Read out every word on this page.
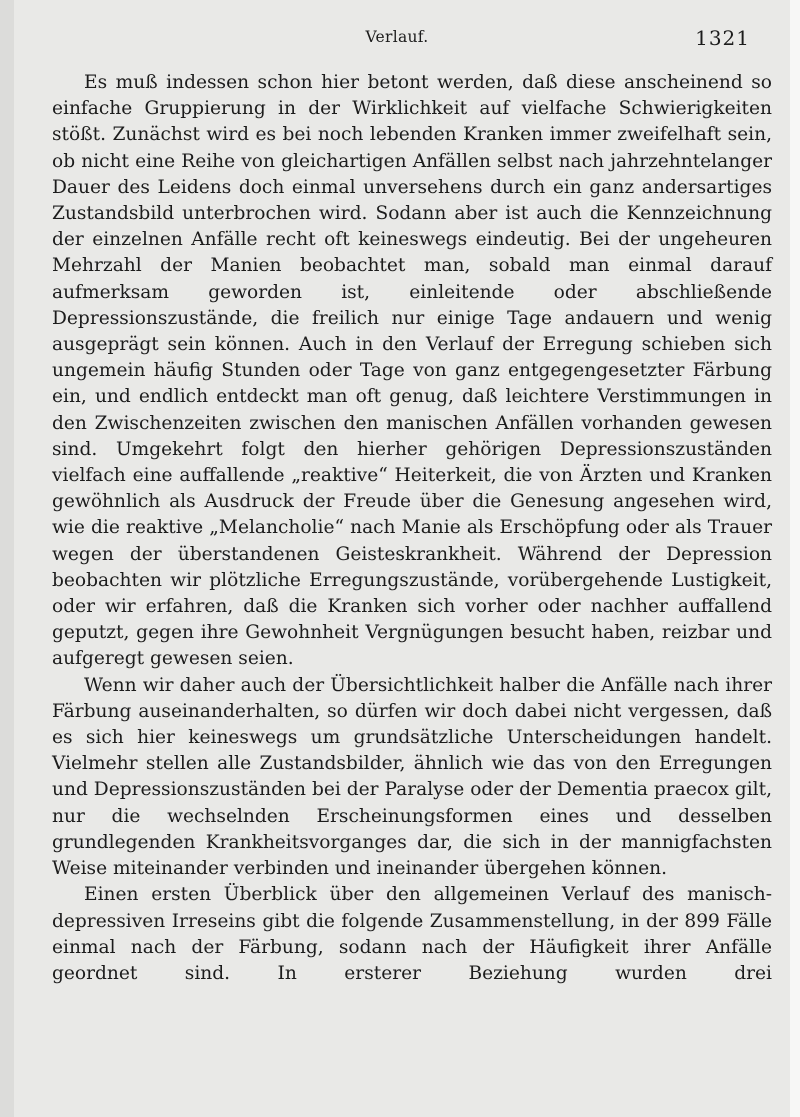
Verlauf.	1321

Es muß indessen schon hier betont werden, daß diese anscheinend so einfache Gruppierung in der Wirklichkeit auf vielfache Schwierigkeiten stößt. Zunächst wird es bei noch lebenden Kranken immer zweifelhaft sein, ob nicht eine Reihe von gleichartigen Anfällen selbst nach jahrzehntelanger Dauer des Leidens doch einmal unversehens durch ein ganz andersartiges Zustandsbild unterbrochen wird. Sodann aber ist auch die Kennzeichnung der einzelnen Anfälle recht oft keineswegs eindeutig. Bei der ungeheuren Mehrzahl der Manien beobachtet man, sobald man einmal darauf aufmerksam geworden ist, einleitende oder abschließende Depressionszustände, die freilich nur einige Tage andauern und wenig ausgeprägt sein können. Auch in den Verlauf der Erregung schieben sich ungemein häufig Stunden oder Tage von ganz entgegengesetzter Färbung ein, und endlich entdeckt man oft genug, daß leichtere Verstimmungen in den Zwischenzeiten zwischen den manischen Anfällen vorhanden gewesen sind. Umgekehrt folgt den hierher gehörigen Depressionszuständen vielfach eine auffallende „reaktive“ Heiterkeit, die von Ärzten und Kranken gewöhnlich als Ausdruck der Freude über die Genesung angesehen wird, wie die reaktive „Melancholie“ nach Manie als Erschöpfung oder als Trauer wegen der überstandenen Geisteskrankheit. Während der Depression beobachten wir plötzliche Erregungszustände, vorübergehende Lustigkeit, oder wir erfahren, daß die Kranken sich vorher oder nachher auffallend geputzt, gegen ihre Gewohnheit Vergnügungen besucht haben, reizbar und aufgeregt gewesen seien.

Wenn wir daher auch der Übersichtlichkeit halber die Anfälle nach ihrer Färbung auseinanderhalten, so dürfen wir doch dabei nicht vergessen, daß es sich hier keineswegs um grundsätzliche Unterscheidungen handelt. Vielmehr stellen alle Zustandsbilder, ähnlich wie das von den Erregungen und Depressionszuständen bei der Paralyse oder der Dementia praecox gilt, nur die wechselnden Erscheinungsformen eines und desselben grundlegenden Krankheitsvorganges dar, die sich in der mannigfachsten Weise miteinander verbinden und ineinander übergehen können.

Einen ersten Überblick über den allgemeinen Verlauf des manisch-depressiven Irreseins gibt die folgende Zusammenstellung, in der 899 Fälle einmal nach der Färbung, sodann nach der Häufigkeit ihrer Anfälle geordnet sind. In ersterer Beziehung wurden drei
